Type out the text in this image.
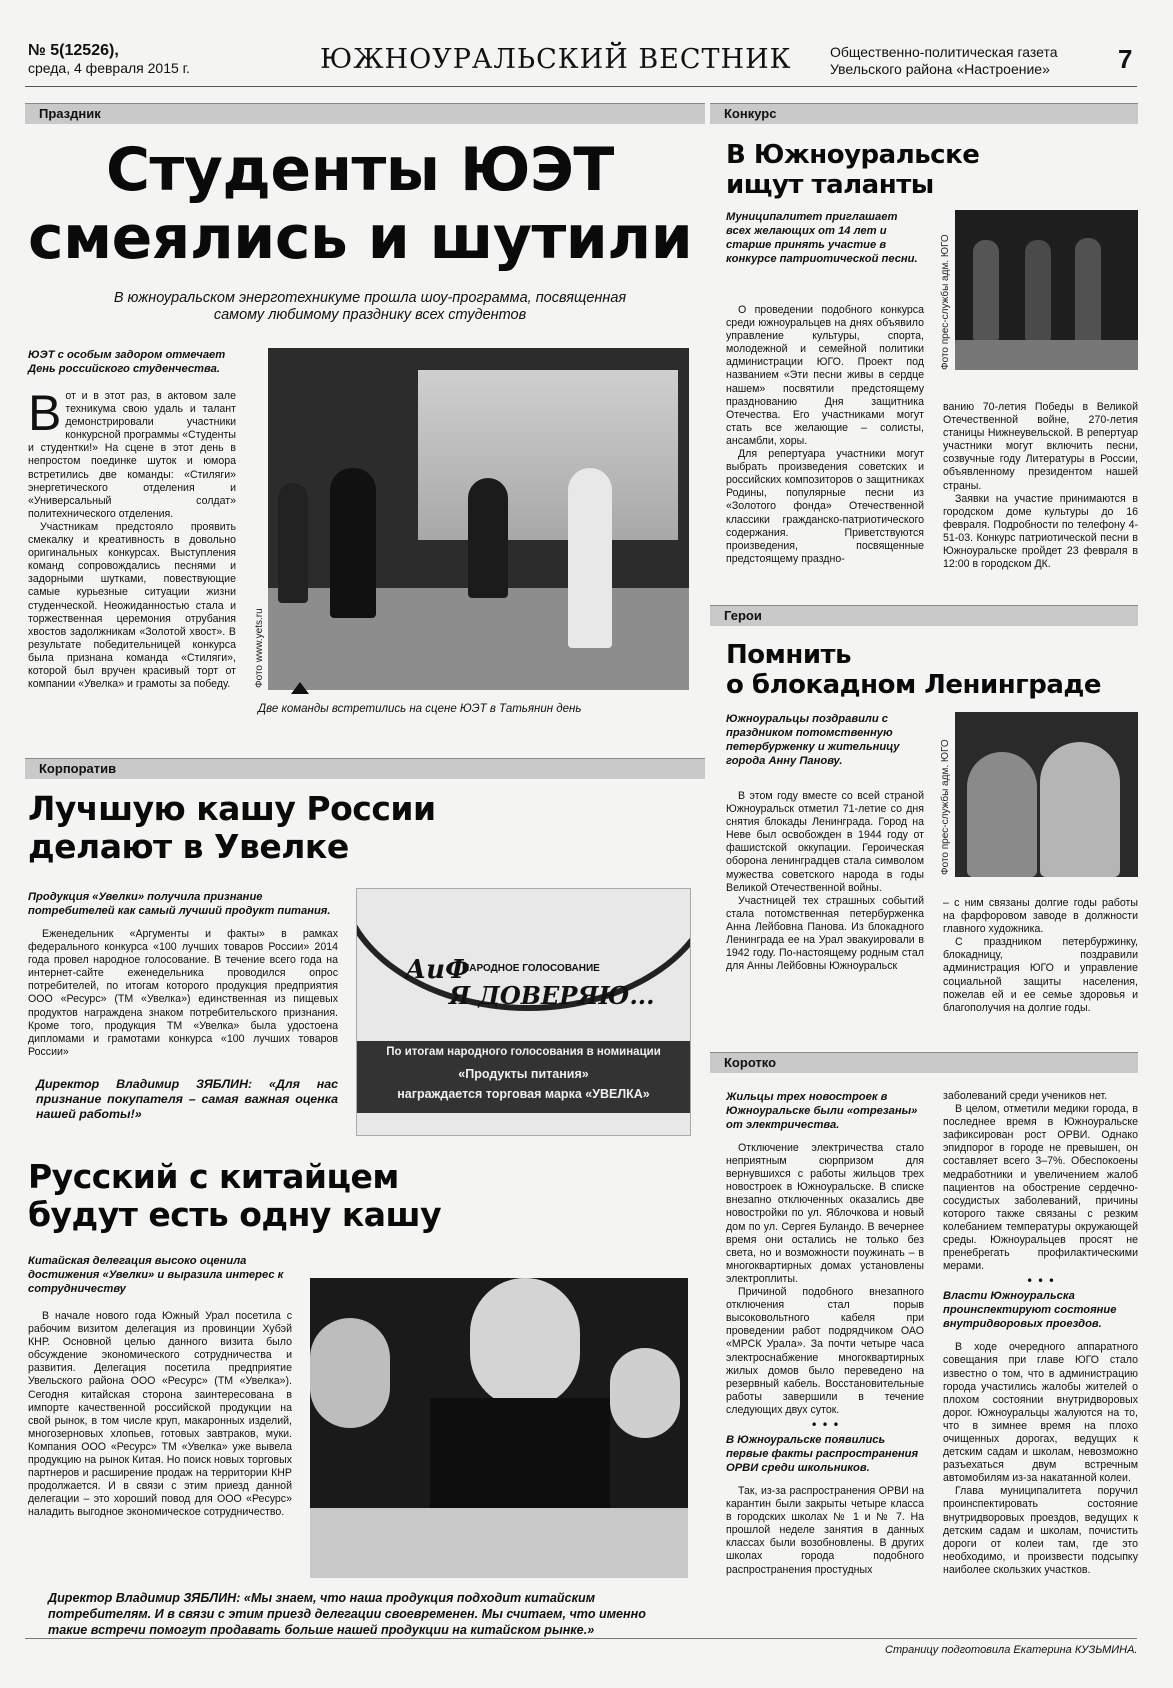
№ 5(12526),
среда, 4 февраля 2015 г.	ЮЖНОУРАЛЬСКИЙ ВЕСТНИК	Общественно-политическая газета
Увельского района «Настроение»	7
Праздник
Студенты ЮЭТ
смеялись и шутили
В южноуральском энерготехникуме прошла шоу-программа, посвященная
самому любимому празднику всех студентов

ЮЭТ с особым задором отмечает День российского студенчества.

В от и в этот раз, в актовом зале техникума свою удаль и талант демонстрировали участники конкурсной программы «Студенты и студентки!» На сцене в этот день в непростом поединке шуток и юмора встретились две команды: «Стиляги» энергетического отделения и «Универсальный солдат» политехнического отделения.

Участникам предстояло проявить смекалку и креативность в довольно оригинальных конкурсах. Выступления команд сопровождались песнями и задорными шутками, повествующие самые курьезные ситуации жизни студенческой. Неожиданностью стала и торжественная церемония отрубания хвостов задолжникам «Золотой хвост». В результате победительницей конкурса была признана команда «Стиляги», которой был вручен красивый торт от компании «Увелка» и грамоты за победу.	Фото www.yets.ru
Две команды встретились на сцене ЮЭТ в Татьянин день
Конкурс
В Южноуральске
ищут таланты

Муниципалитет приглашает всех желающих от 14 лет и старше принять участие в конкурсе патриотической песни.	Фото прес-службы адм. ЮГО

О проведении подобного конкурса среди южноуральцев на днях объявило управление культуры, спорта, молодежной и семейной политики администрации ЮГО. Проект под названием «Эти песни живы в сердце нашем» посвятили предстоящему празднованию Дня защитника Отечества. Его участниками могут стать все желающие – солисты, ансамбли, хоры.

Для репертуара участники могут выбрать произведения советских и российских композиторов о защитниках Родины, популярные песни из «Золотого фонда» Отечественной классики гражданско-патриотического содержания. Приветствуются произведения, посвященные предстоящему праздно-

ванию 70-летия Победы в Великой Отечественной войне, 270-летия станицы Нижнеувельской. В репертуар участники могут включить песни, созвучные году Литературы в России, объявленному президентом нашей страны.

Заявки на участие принимаются в городском доме культуры до 16 февраля. Подробности по телефону 4-51-03. Конкурс патриотической песни в Южноуральске пройдет 23 февраля в 12:00 в городском ДК.

Герои
Помнить
о блокадном Ленинграде

Южноуральцы поздравили с праздником потомственную петербурженку и жительницу города Анну Панову.	Фото прес-службы адм. ЮГО

В этом году вместе со всей страной Южноуральск отметил 71-летие со дня снятия блокады Ленинграда. Город на Неве был освобожден в 1944 году от фашистской оккупации. Героическая оборона ленинградцев стала символом мужества советского народа в годы Великой Отечественной войны.

Участницей тех страшных событий стала потомственная петербурженка Анна Лейбовна Панова. Из блокадного Ленинграда ее на Урал эвакуировали в 1942 году. По-настоящему родным стал для Анны Лейбовны Южноуральск

– с ним связаны долгие годы работы на фарфоровом заводе в должности главного художника.

С праздником петербуржинку, блокадницу, поздравили администрация ЮГО и управление социальной защиты населения, пожелав ей и ее семье здоровья и благополучия на долгие годы.

Корпоратив
Лучшую кашу России
делают в Увелке

Продукция «Увелки» получила признание потребителей как самый лучший продукт питания.

Еженедельник «Аргументы и факты» в рамках федерального конкурса «100 лучших товаров России» 2014 года провел народное голосование. В течение всего года на интернет-сайте еженедельника проводился опрос потребителей, по итогам которого продукция предприятия ООО «Ресурс» (ТМ «Увелка») единственная из пищевых продуктов награждена знаком потребительского признания. Кроме того, продукция ТМ «Увелка» была удостоена дипломами и грамотами конкурса «100 лучших товаров России»

Директор Владимир ЗЯБЛИН: «Для нас признание покупателя – самая важная оценка нашей работы!»

НАРОДНОЕ ГОЛОСОВАНИЕ
АиФ
Я ДОВЕРЯЮ...
По итогам народного голосования в номинации
«Продукты питания»
награждается торговая марка «УВЕЛКА»
Русский с китайцем
будут есть одну кашу

Китайская делегация высоко оценила достижения «Увелки» и выразила интерес к сотрудничеству

В начале нового года Южный Урал посетила с рабочим визитом делегация из провинции Хубэй КНР. Основной целью данного визита было обсуждение экономического сотрудничества и развития. Делегация посетила предприятие Увельского района ООО «Ресурс» (ТМ «Увелка»). Сегодня китайская сторона заинтересована в импорте качественной российской продукции на свой рынок, в том числе круп, макаронных изделий, многозерновых хлопьев, готовых завтраков, муки. Компания ООО «Ресурс» ТМ «Увелка» уже вывела продукцию на рынок Китая. Но поиск новых торговых партнеров и расширение продаж на территории КНР продолжается. И в связи с этим приезд данной делегации – это хороший повод для ООО «Ресурс» наладить выгодное экономическое сотрудничество.

Директор Владимир ЗЯБЛИН: «Мы знаем, что наша продукция подходит китайским потребителям. И в связи с этим приезд делегации своевременен. Мы считаем, что именно такие встречи помогут продавать больше нашей продукции на китайском рынке.»

Коротко

Жильцы трех новостроек в Южноуральске были «отрезаны» от электричества.

Отключение электричества стало неприятным сюрпризом для вернувшихся с работы жильцов трех новостроек в Южноуральске. В списке внезапно отключенных оказались две новостройки по ул. Яблочкова и новый дом по ул. Сергея Буландо. В вечернее время они остались не только без света, но и возможности поужинать – в многоквартирных домах установлены электроплиты.

Причиной подобного внезапного отключения стал порыв высоковольтного кабеля при проведении работ подрядчиком ОАО «МРСК Урала». За почти четыре часа электроснабжение многоквартирных жилых домов было переведено на резервный кабель. Восстановительные работы завершили в течение следующих двух суток.

• • •

В Южноуральске появились первые факты распространения ОРВИ среди школьников.

Так, из-за распространения ОРВИ на карантин были закрыты четыре класса в городских школах № 1 и № 7. На прошлой неделе занятия в данных классах были возобновлены. В других школах города подобного распространения простудных

заболеваний среди учеников нет.

В целом, отметили медики города, в последнее время в Южноуральске зафиксирован рост ОРВИ. Однако эпидпорог в городе не превышен, он составляет всего 3–7%. Обеспокоены медработники и увеличением жалоб пациентов на обострение сердечно-сосудистых заболеваний, причины которого также связаны с резким колебанием температуры окружающей среды. Южноуральцев просят не пренебрегать профилактическими мерами.

• • •

Власти Южноуральска проинспектируют состояние внутридворовых проездов.

В ходе очередного аппаратного совещания при главе ЮГО стало известно о том, что в администрацию города участились жалобы жителей о плохом состоянии внутридворовых дорог. Южноуральцы жалуются на то, что в зимнее время на плохо очищенных дорогах, ведущих к детским садам и школам, невозможно разъехаться двум встречным автомобилям из-за накатанной колеи.

Глава муниципалитета поручил проинспектировать состояние внутридворовых проездов, ведущих к детским садам и школам, почистить дороги от колеи там, где это необходимо, и произвести подсыпку наиболее скользких участков.

Страницу подготовила Екатерина КУЗЬМИНА.
